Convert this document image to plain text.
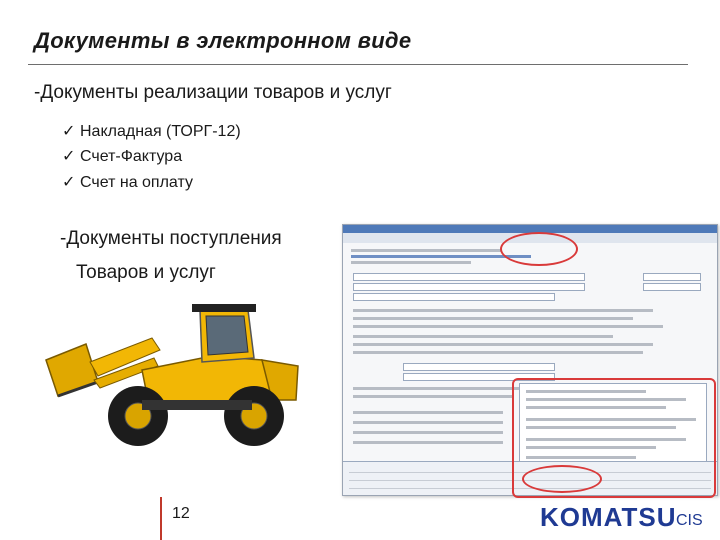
Документы в электронном виде
-Документы реализации товаров и услуг
✓ Накладная (ТОРГ-12)
✓ Счет-Фактура
✓ Счет на оплату
-Документы поступления
Товаров и услуг
12	KOMATSU CIS
